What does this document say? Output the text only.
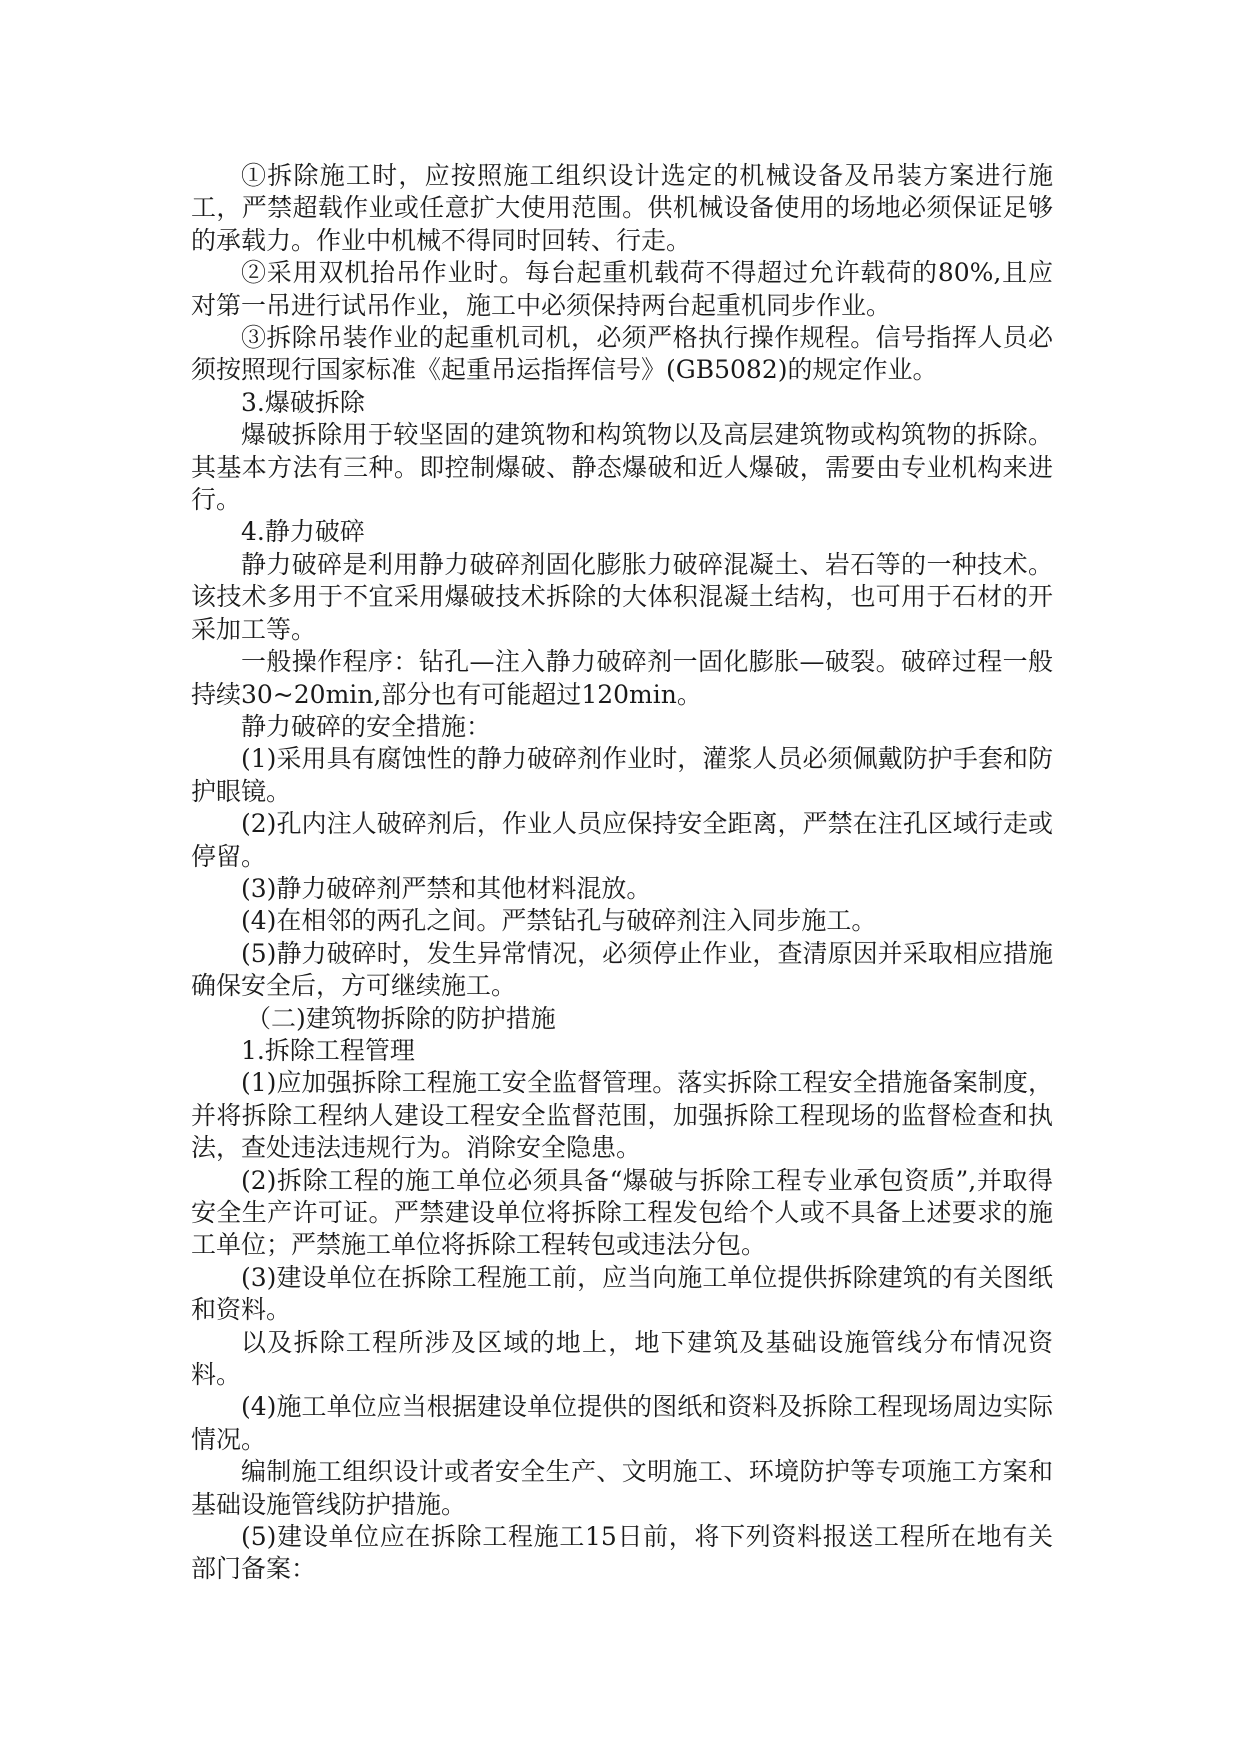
①拆除施工时，应按照施工组织设计选定的机械设备及吊装方案进行施工，严禁超载作业或任意扩大使用范围。供机械设备使用的场地必须保证足够的承载力。作业中机械不得同时回转、行走。

②采用双机抬吊作业时。每台起重机载荷不得超过允许载荷的80%,且应对第一吊进行试吊作业，施工中必须保持两台起重机同步作业。

③拆除吊装作业的起重机司机，必须严格执行操作规程。信号指挥人员必须按照现行国家标准《起重吊运指挥信号》(GB5082)的规定作业。

3.爆破拆除

爆破拆除用于较坚固的建筑物和构筑物以及高层建筑物或构筑物的拆除。其基本方法有三种。即控制爆破、静态爆破和近人爆破，需要由专业机构来进行。

4.静力破碎

静力破碎是利用静力破碎剂固化膨胀力破碎混凝土、岩石等的一种技术。该技术多用于不宜采用爆破技术拆除的大体积混凝土结构，也可用于石材的开采加工等。

一般操作程序：钻孔—注入静力破碎剂一固化膨胀—破裂。破碎过程一般持续30~20min,部分也有可能超过120min。

静力破碎的安全措施：

(1)采用具有腐蚀性的静力破碎剂作业时，灌浆人员必须佩戴防护手套和防护眼镜。

(2)孔内注人破碎剂后，作业人员应保持安全距离，严禁在注孔区域行走或停留。

(3)静力破碎剂严禁和其他材料混放。

(4)在相邻的两孔之间。严禁钻孔与破碎剂注入同步施工。

(5)静力破碎时，发生异常情况，必须停止作业，查清原因并采取相应措施确保安全后，方可继续施工。

（二)建筑物拆除的防护措施

1.拆除工程管理

(1)应加强拆除工程施工安全监督管理。落实拆除工程安全措施备案制度，并将拆除工程纳人建设工程安全监督范围，加强拆除工程现场的监督检查和执法，查处违法违规行为。消除安全隐患。

(2)拆除工程的施工单位必须具备“爆破与拆除工程专业承包资质”,并取得安全生产许可证。严禁建设单位将拆除工程发包给个人或不具备上述要求的施工单位；严禁施工单位将拆除工程转包或违法分包。

(3)建设单位在拆除工程施工前，应当向施工单位提供拆除建筑的有关图纸和资料。

以及拆除工程所涉及区域的地上，地下建筑及基础设施管线分布情况资料。

(4)施工单位应当根据建设单位提供的图纸和资料及拆除工程现场周边实际情况。

编制施工组织设计或者安全生产、文明施工、环境防护等专项施工方案和基础设施管线防护措施。

(5)建设单位应在拆除工程施工15日前，将下列资料报送工程所在地有关部门备案：
